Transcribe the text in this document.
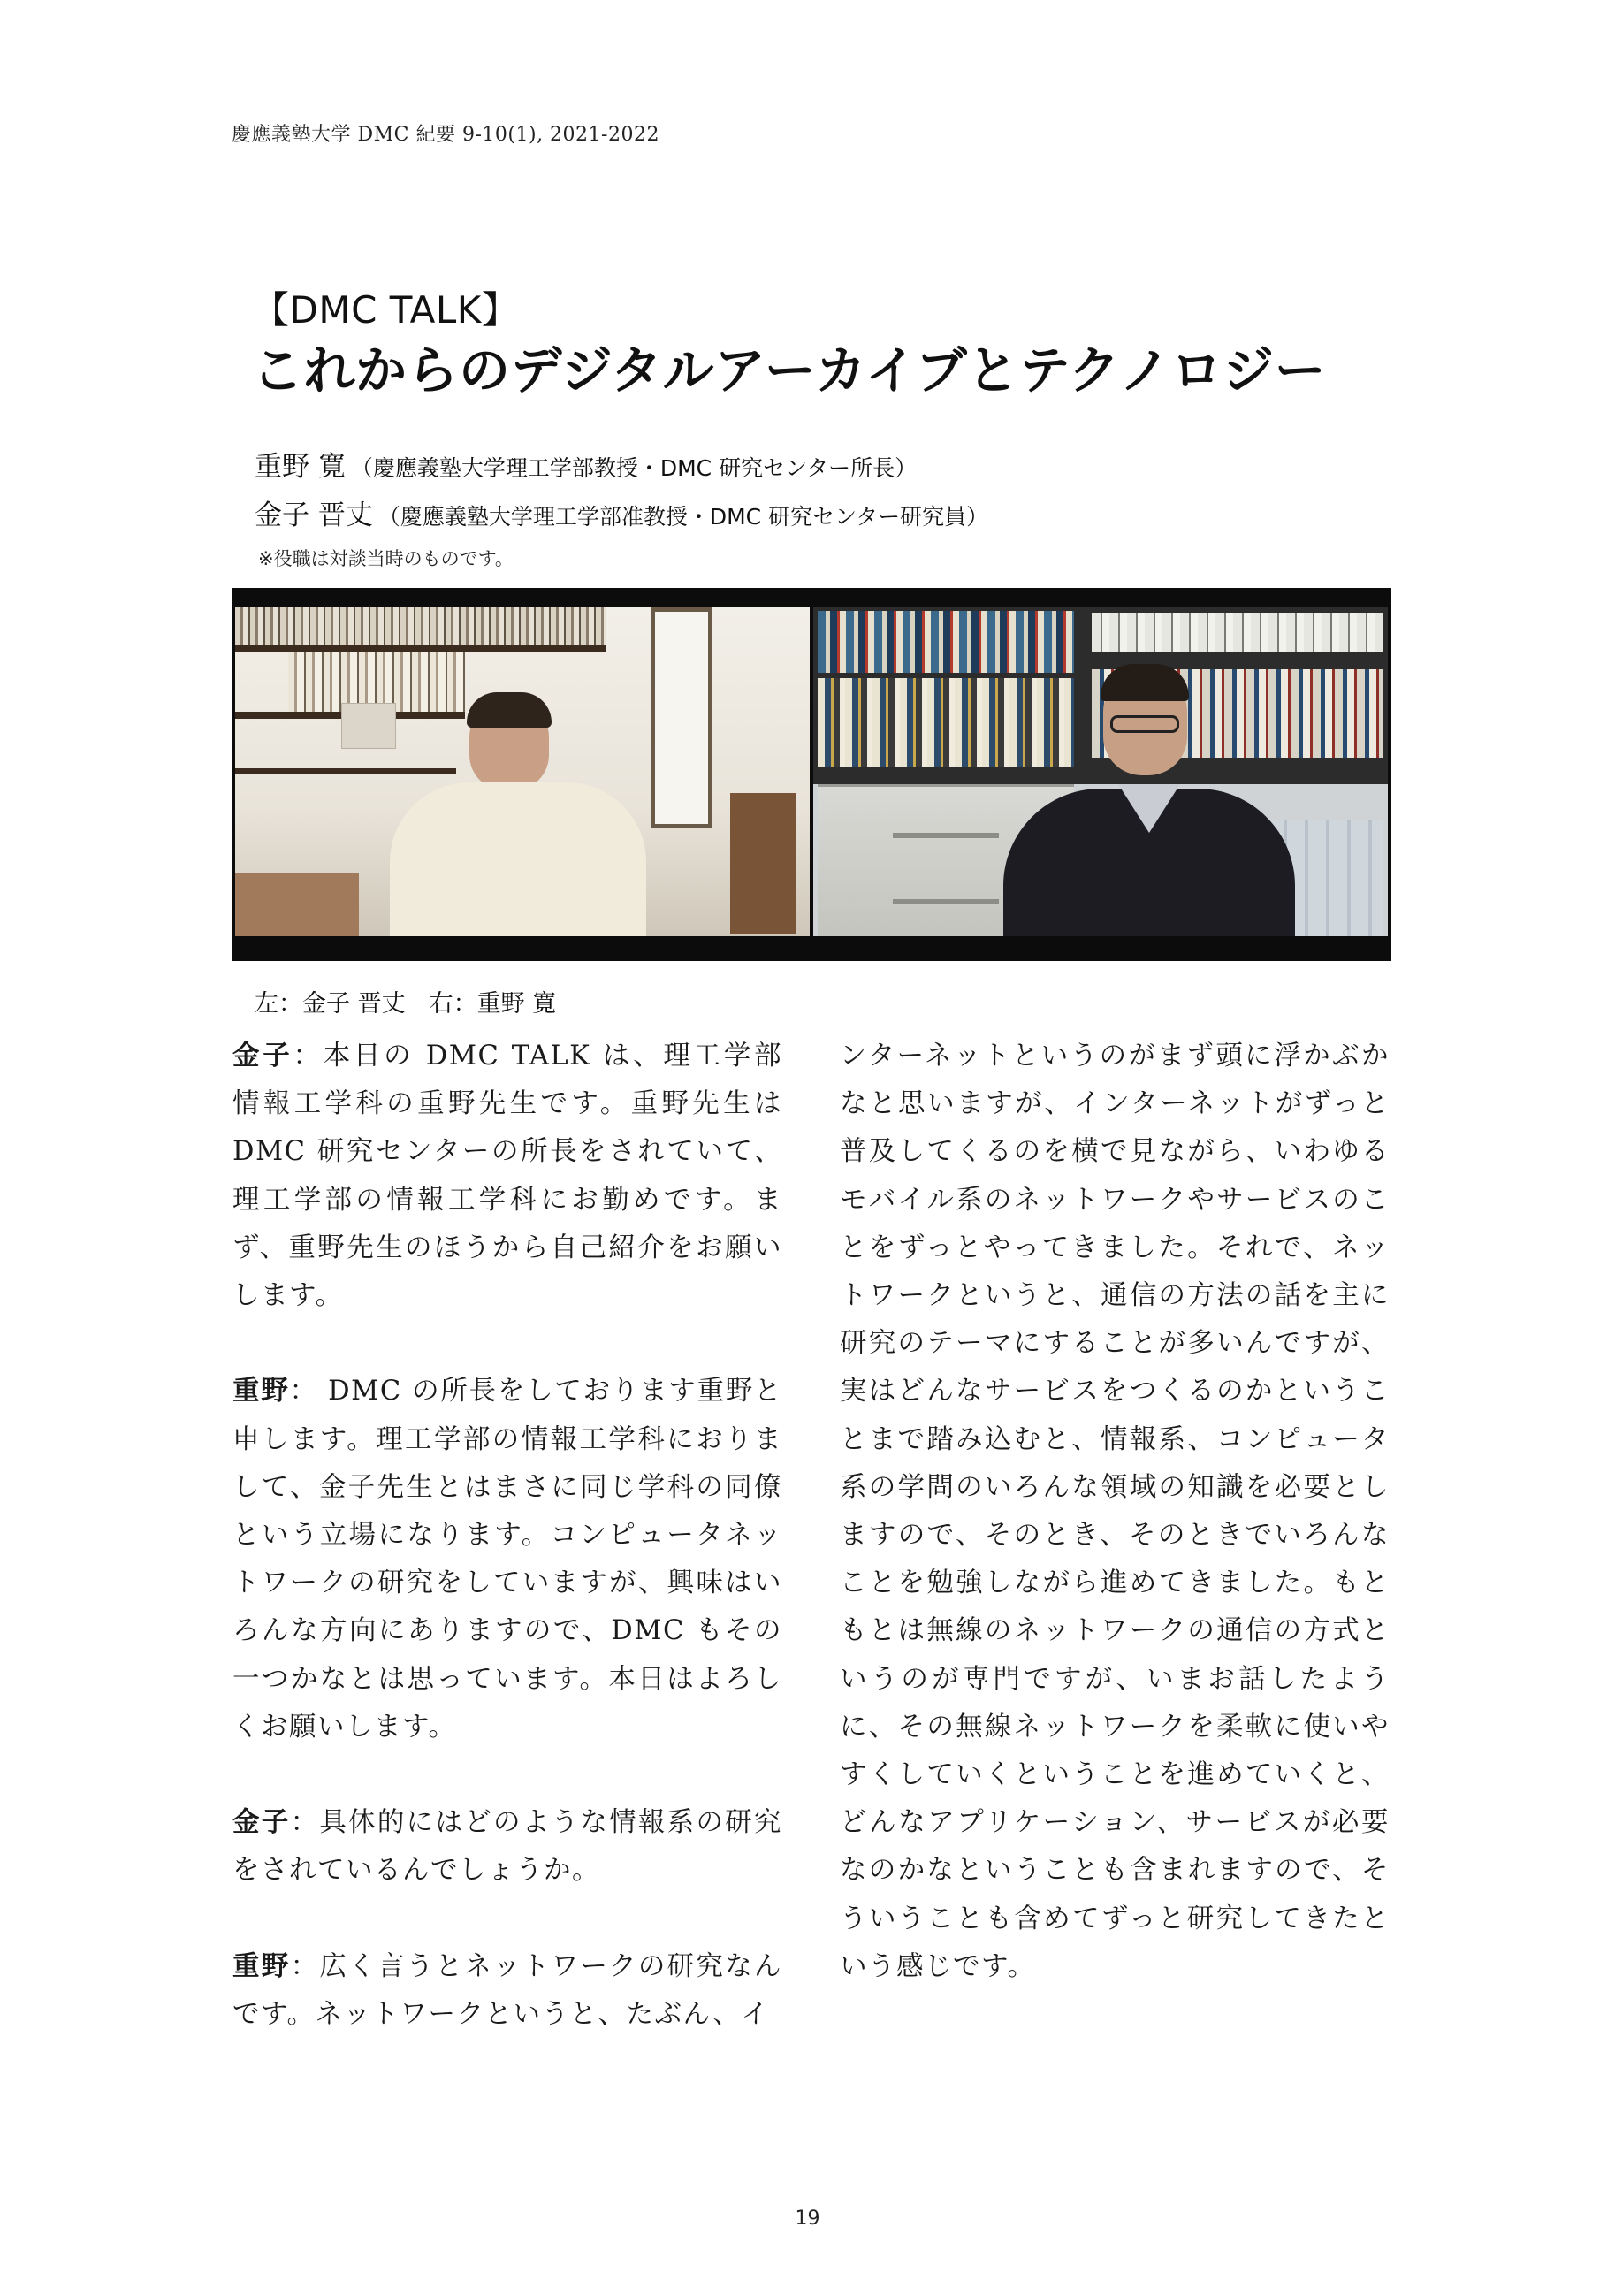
慶應義塾大学 DMC 紀要 9-10(1), 2021-2022
【DMC TALK】
これからのデジタルアーカイブとテクノロジー
重野 寛 （慶應義塾大学理工学部教授・DMC 研究センター所長）
金子 晋丈 （慶應義塾大学理工学部准教授・DMC 研究センター研究員）
※役職は対談当時のものです。
左：金子 晋丈　右：重野 寛

金子：本日の DMC TALK は、理工学部情報工学科の重野先生です。重野先生は DMC 研究センターの所長をされていて、理工学部の情報工学科にお勤めです。まず、重野先生のほうから自己紹介をお願いします。

重野： DMC の所長をしております重野と申します。理工学部の情報工学科におりまして、金子先生とはまさに同じ学科の同僚という立場になります。コンピュータネットワークの研究をしていますが、興味はいろんな方向にありますので、DMC もその一つかなとは思っています。本日はよろしくお願いします。

金子：具体的にはどのような情報系の研究をされているんでしょうか。

重野：広く言うとネットワークの研究なんです。ネットワークというと、たぶん、イ

ンターネットというのがまず頭に浮かぶかなと思いますが、インターネットがずっと普及してくるのを横で見ながら、いわゆるモバイル系のネットワークやサービスのことをずっとやってきました。それで、ネットワークというと、通信の方法の話を主に研究のテーマにすることが多いんですが、実はどんなサービスをつくるのかということまで踏み込むと、情報系、コンピュータ系の学問のいろんな領域の知識を必要としますので、そのとき、そのときでいろんなことを勉強しながら進めてきました。もともとは無線のネットワークの通信の方式というのが専門ですが、いまお話したように、その無線ネットワークを柔軟に使いやすくしていくということを進めていくと、どんなアプリケーション、サービスが必要なのかなということも含まれますので、そういうことも含めてずっと研究してきたという感じです。

19
